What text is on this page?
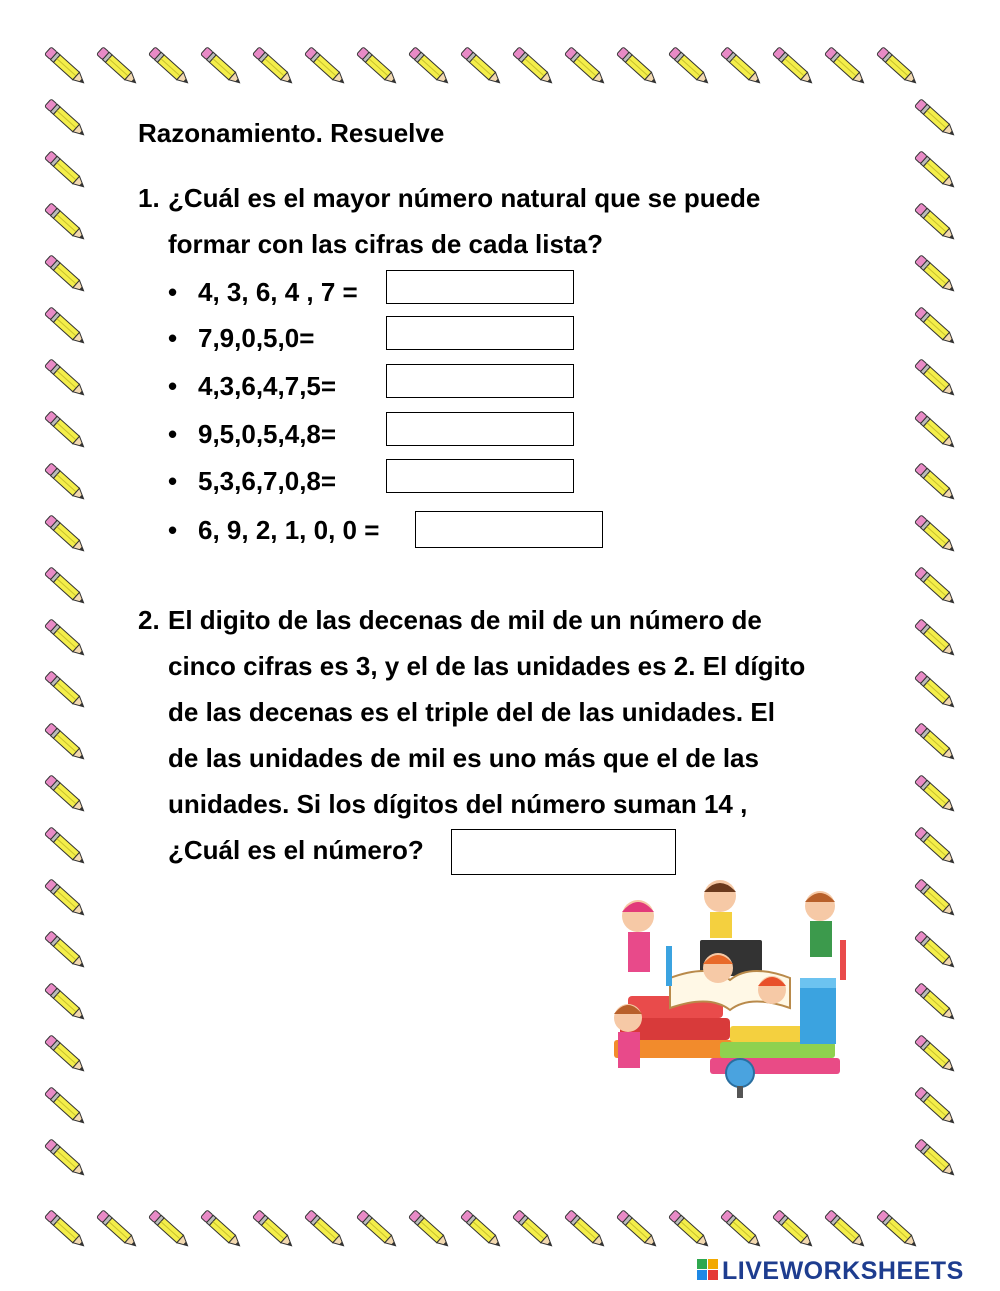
Razonamiento. Resuelve
1. ¿Cuál es el mayor número natural que se puede
formar con las cifras de cada lista?
• 4, 3, 6, 4 , 7 =
• 7,9,0,5,0=
• 4,3,6,4,7,5=
• 9,5,0,5,4,8=
• 5,3,6,7,0,8=
• 6, 9, 2, 1, 0, 0 =
2. El digito de las decenas de mil de un número de
cinco cifras es 3, y el de las unidades es 2. El dígito
de las decenas es el triple del de las unidades. El
de las unidades de mil es uno más que el de las
unidades. Si los dígitos del número suman 14 ,
¿Cuál es el número?
LIVEWORKSHEETS
